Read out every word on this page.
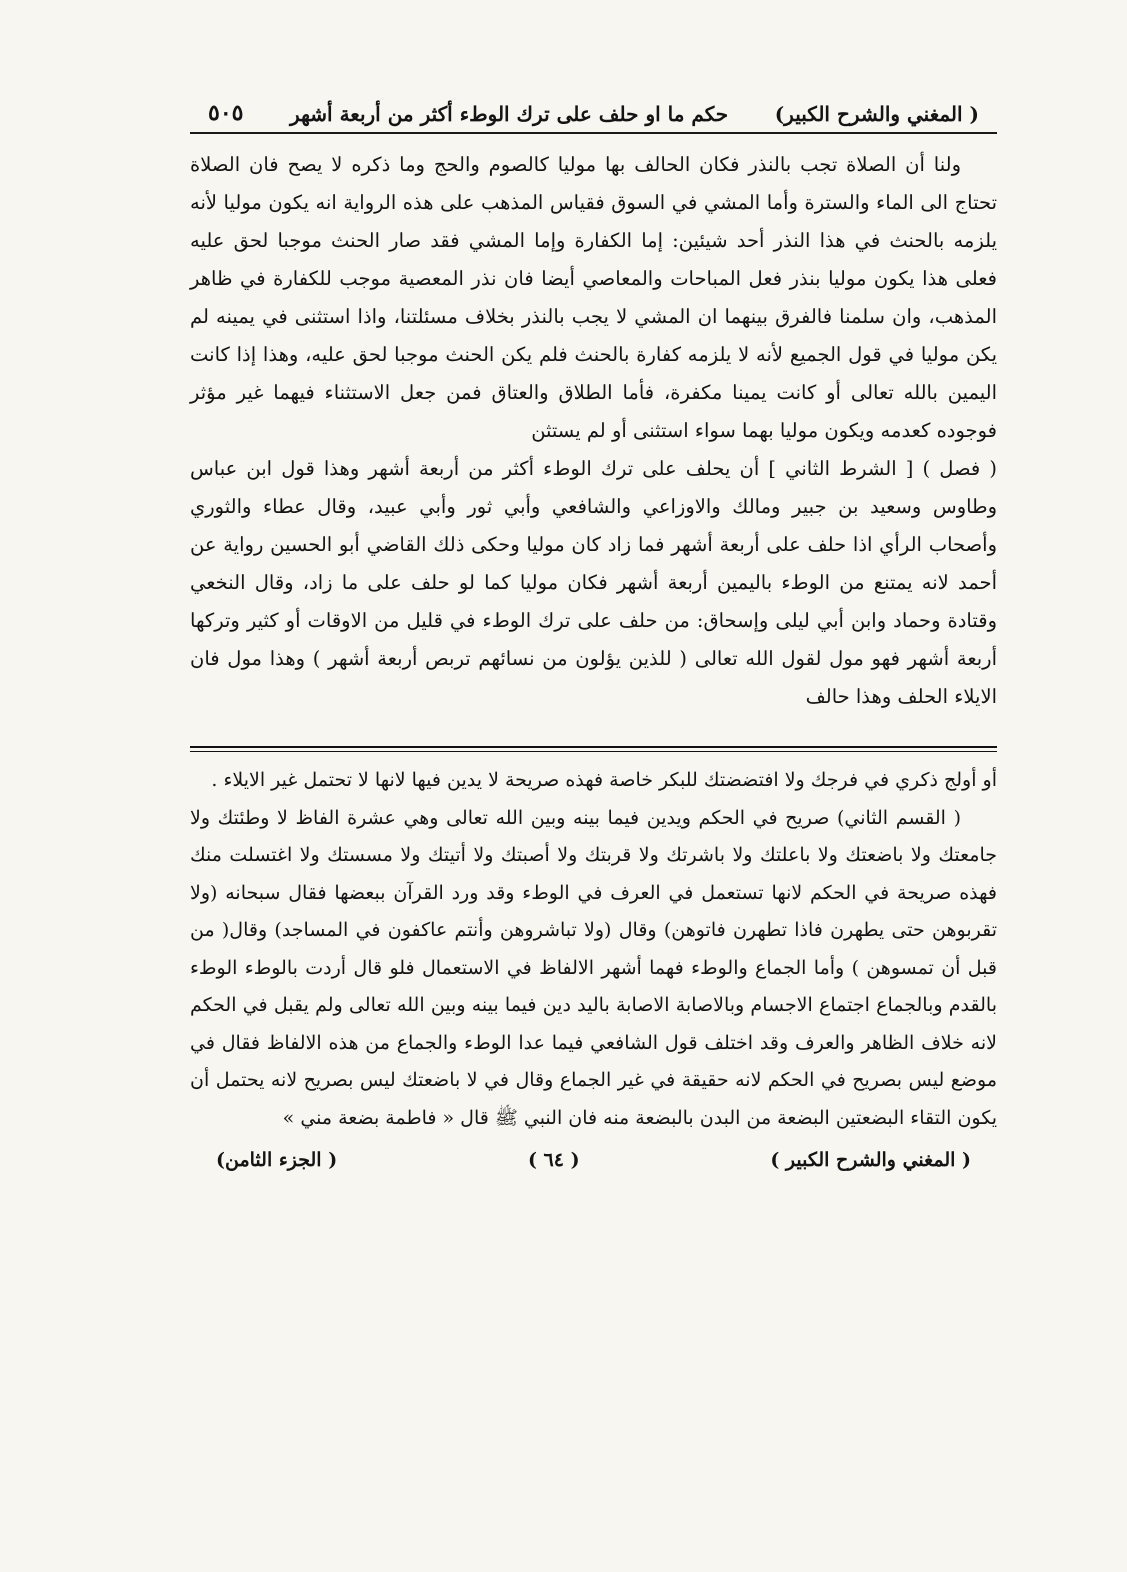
( المغني والشرح الكبير)
حكم ما او حلف على ترك الوطء أكثر من أربعة أشهر
٥٠٥

ولنا أن الصلاة تجب بالنذر فكان الحالف بها موليا كالصوم والحج وما ذكره لا يصح فان الصلاة تحتاج الى الماء والسترة وأما المشي في السوق فقياس المذهب على هذه الرواية انه يكون موليا لأنه يلزمه بالحنث في هذا النذر أحد شيئين: إما الكفارة وإما المشي فقد صار الحنث موجبا لحق عليه فعلى هذا يكون موليا بنذر فعل المباحات والمعاصي أيضا فان نذر المعصية موجب للكفارة في ظاهر المذهب، وان سلمنا فالفرق بينهما ان المشي لا يجب بالنذر بخلاف مسئلتنا، واذا استثنى في يمينه لم يكن موليا في قول الجميع لأنه لا يلزمه كفارة بالحنث فلم يكن الحنث موجبا لحق عليه، وهذا إذا كانت اليمين بالله تعالى أو كانت يمينا مكفرة، فأما الطلاق والعتاق فمن جعل الاستثناء فيهما غير مؤثر فوجوده كعدمه ويكون موليا بهما سواء استثنى أو لم يستثن

( فصل ) [ الشرط الثاني ] أن يحلف على ترك الوطء أكثر من أربعة أشهر وهذا قول ابن عباس وطاوس وسعيد بن جبير ومالك والاوزاعي والشافعي وأبي ثور وأبي عبيد، وقال عطاء والثوري وأصحاب الرأي اذا حلف على أربعة أشهر فما زاد كان موليا وحكى ذلك القاضي أبو الحسين رواية عن أحمد لانه يمتنع من الوطء باليمين أربعة أشهر فكان موليا كما لو حلف على ما زاد، وقال النخعي وقتادة وحماد وابن أبي ليلى وإسحاق: من حلف على ترك الوطء في قليل من الاوقات أو كثير وتركها أربعة أشهر فهو مول لقول الله تعالى ( للذين يؤلون من نسائهم تربص أربعة أشهر ) وهذا مول فان الايلاء الحلف وهذا حالف

أو أولج ذكري في فرجك ولا افتضضتك للبكر خاصة فهذه صريحة لا يدين فيها لانها لا تحتمل غير الايلاء .

( القسم الثاني) صريح في الحكم ويدين فيما بينه وبين الله تعالى وهي عشرة الفاظ لا وطئتك ولا جامعتك ولا باضعتك ولا باعلتك ولا باشرتك ولا قربتك ولا أصبتك ولا أتيتك ولا مسستك ولا اغتسلت منك فهذه صريحة في الحكم لانها تستعمل في العرف في الوطء وقد ورد القرآن ببعضها فقال سبحانه (ولا تقربوهن حتى يطهرن فاذا تطهرن فاتوهن) وقال (ولا تباشروهن وأنتم عاكفون في المساجد) وقال( من قبل أن تمسوهن ) وأما الجماع والوطء فهما أشهر الالفاظ في الاستعمال فلو قال أردت بالوطء الوطء بالقدم وبالجماع اجتماع الاجسام وبالاصابة الاصابة باليد دين فيما بينه وبين الله تعالى ولم يقبل في الحكم لانه خلاف الظاهر والعرف وقد اختلف قول الشافعي فيما عدا الوطء والجماع من هذه الالفاظ فقال في موضع ليس بصريح في الحكم لانه حقيقة في غير الجماع وقال في لا باضعتك ليس بصريح لانه يحتمل أن يكون التقاء البضعتين البضعة من البدن بالبضعة منه فان النبي ﷺ قال « فاطمة بضعة مني »

( المغني والشرح الكبير )
( ٦٤ )
( الجزء الثامن)
